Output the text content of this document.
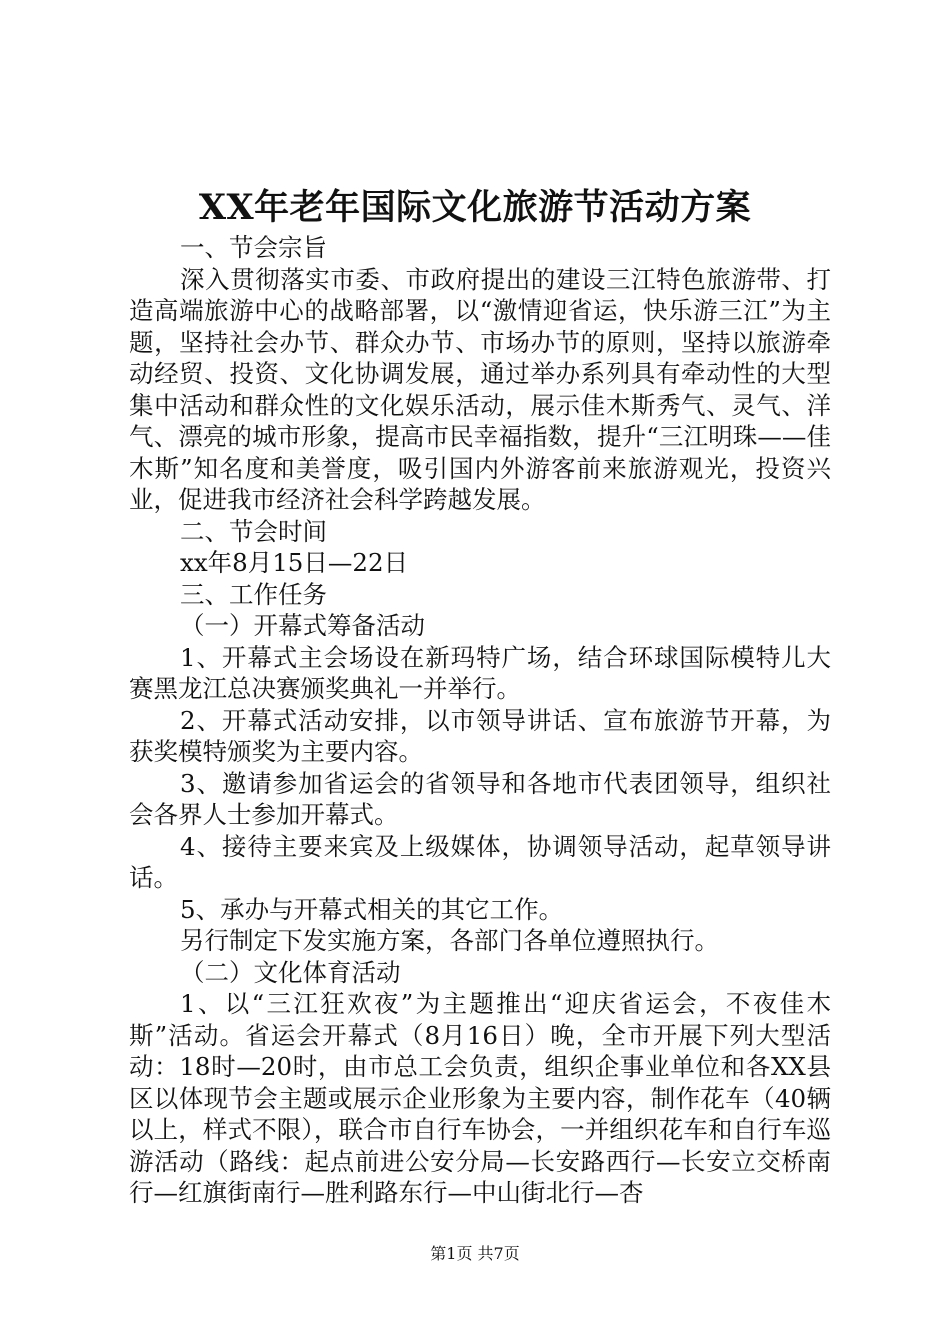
XX年老年国际文化旅游节活动方案

一、节会宗旨

深入贯彻落实市委、市政府提出的建设三江特色旅游带、打造高端旅游中心的战略部署，以“激情迎省运，快乐游三江”为主题，坚持社会办节、群众办节、市场办节的原则，坚持以旅游牵动经贸、投资、文化协调发展，通过举办系列具有牵动性的大型集中活动和群众性的文化娱乐活动，展示佳木斯秀气、灵气、洋气、漂亮的城市形象，提高市民幸福指数，提升“三江明珠——佳木斯”知名度和美誉度，吸引国内外游客前来旅游观光，投资兴业，促进我市经济社会科学跨越发展。

二、节会时间

xx年8月15日—22日

三、工作任务

（一）开幕式筹备活动

1、开幕式主会场设在新玛特广场，结合环球国际模特儿大赛黑龙江总决赛颁奖典礼一并举行。

2、开幕式活动安排，以市领导讲话、宣布旅游节开幕，为获奖模特颁奖为主要内容。

3、邀请参加省运会的省领导和各地市代表团领导，组织社会各界人士参加开幕式。

4、接待主要来宾及上级媒体，协调领导活动，起草领导讲话。

5、承办与开幕式相关的其它工作。

另行制定下发实施方案，各部门各单位遵照执行。

（二）文化体育活动

1、以“三江狂欢夜”为主题推出“迎庆省运会，不夜佳木斯”活动。省运会开幕式（8月16日）晚，全市开展下列大型活动：18时—20时，由市总工会负责，组织企事业单位和各XX县区以体现节会主题或展示企业形象为主要内容，制作花车（40辆以上，样式不限），联合市自行车协会，一并组织花车和自行车巡游活动（路线：起点前进公安分局—长安路西行—长安立交桥南行—红旗街南行—胜利路东行—中山街北行—杏

第1页 共7页
